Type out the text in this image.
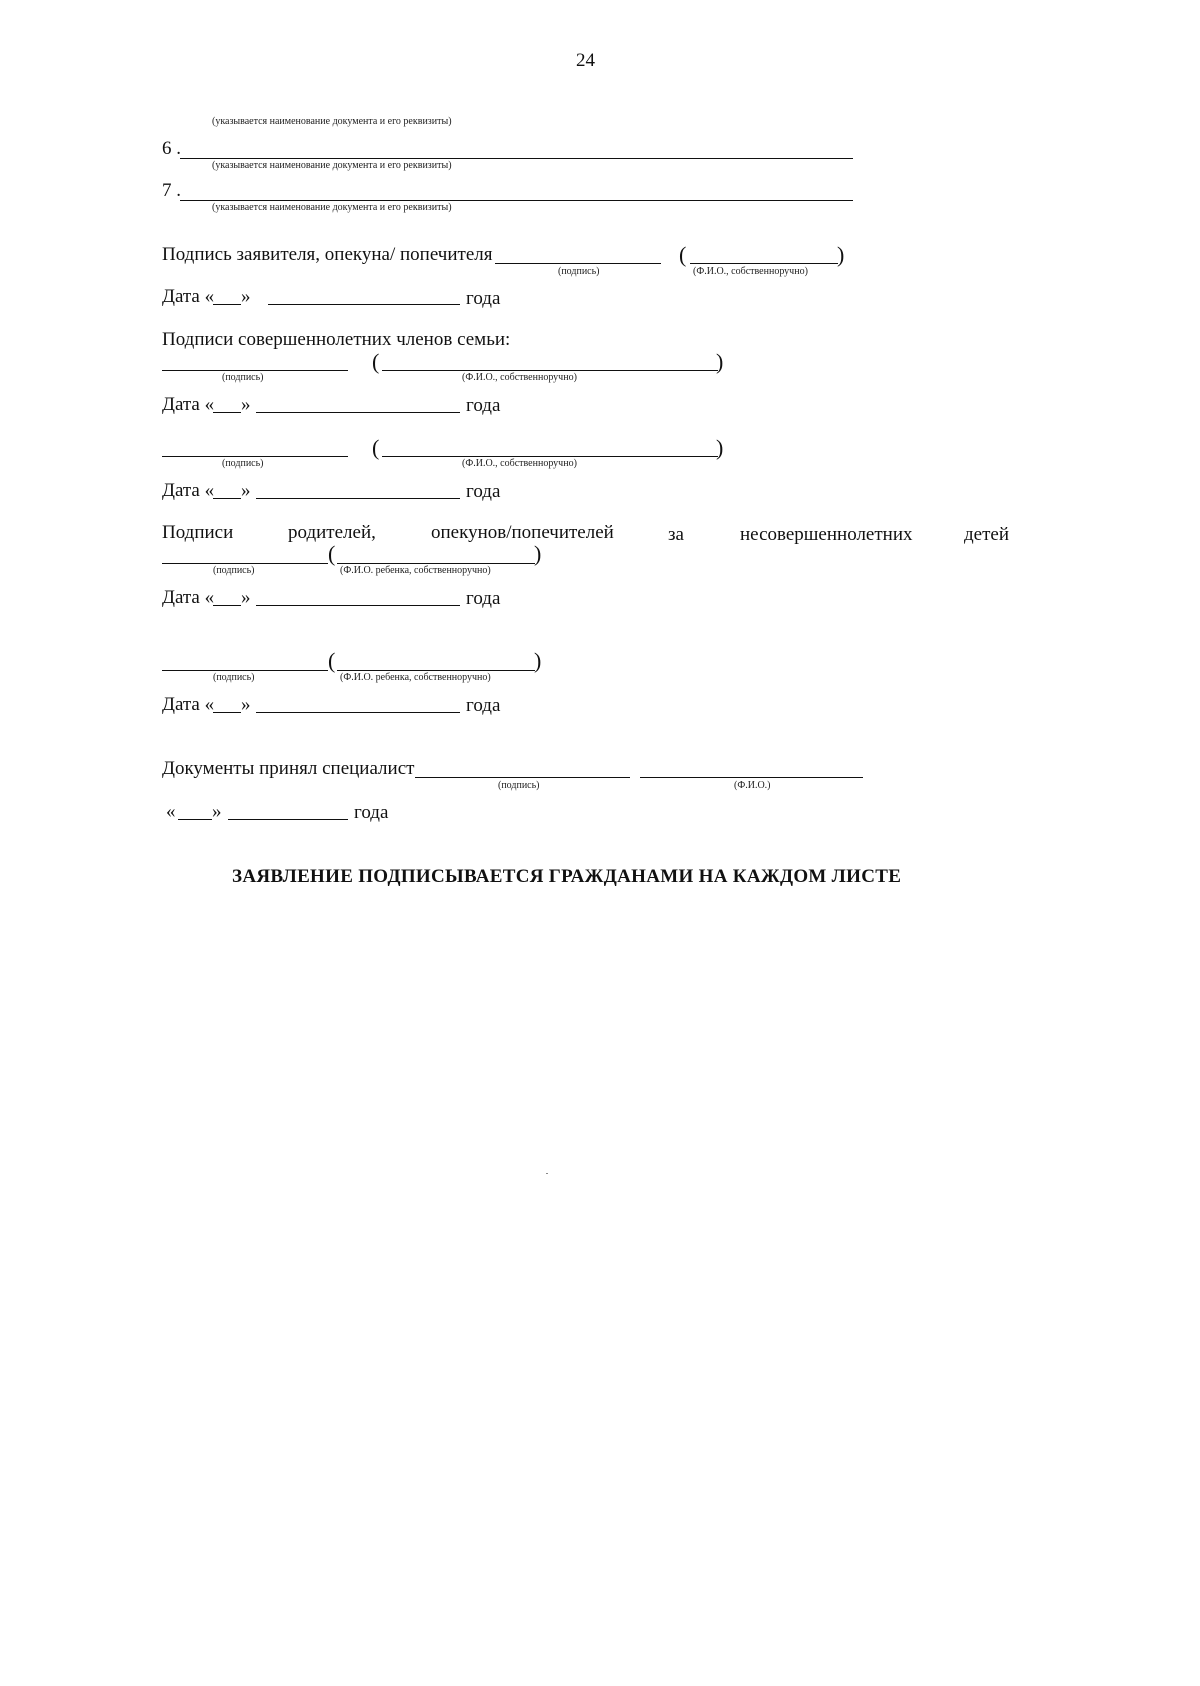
24
(указывается наименование документа и его реквизиты)
6 .
(указывается наименование документа и его реквизиты)
7 .
(указывается наименование документа и его реквизиты)
Подпись заявителя, опекуна/ попечителя
(подпись)
(	)
(Ф.И.О., собственноручно)
Дата « »	года
Подписи совершеннолетних членов семьи:
(	)
(подпись)	(Ф.И.О., собственноручно)
Дата « »	года
(	)
(подпись)	(Ф.И.О., собственноручно)
Дата « »	года
Подписи	родителей,	опекунов/попечителей	за	несовершеннолетних	детей
(	)
(подпись)	(Ф.И.О. ребенка, собственноручно)
Дата « »	года
(	)
(подпись)	(Ф.И.О. ребенка, собственноручно)
Дата « »	года
Документы принял специалист
(подпись)	(Ф.И.О.)
« »	года
ЗАЯВЛЕНИЕ ПОДПИСЫВАЕТСЯ ГРАЖДАНАМИ НА КАЖДОМ ЛИСТЕ
